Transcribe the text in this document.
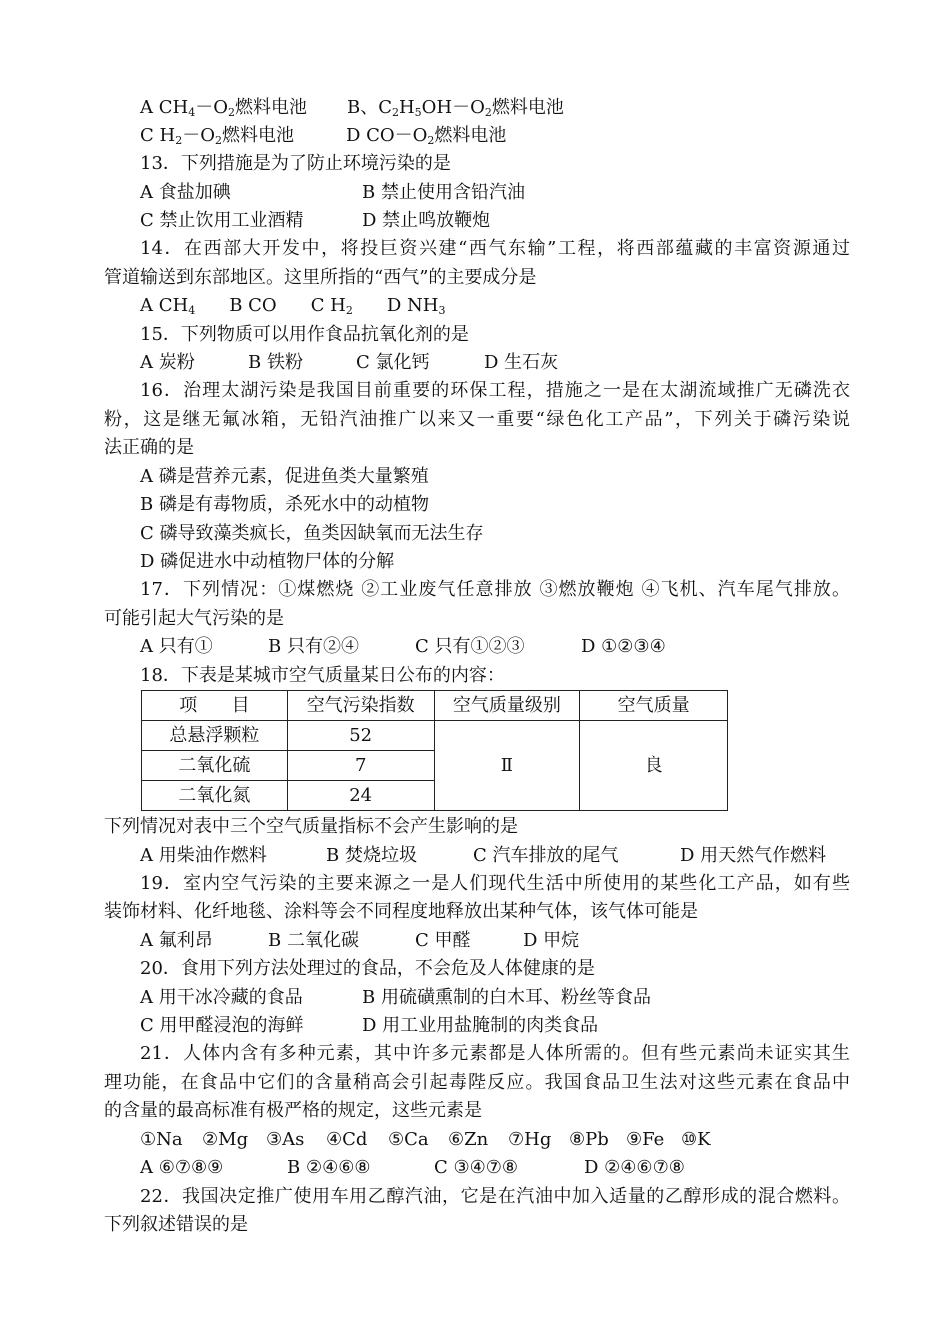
A $CH_4-O_2$燃料电池 B、$C_2H_5OH-O_2$燃料电池
C $H_2-O_2$燃料电池	D $CO-O_2$燃料电池
13．下列措施是为了防止环境污染的是
A 食盐加碘	B 禁止使用含铅汽油
C 禁止饮用工业酒精	D 禁止鸣放鞭炮
14．在西部大开发中，将投巨资兴建“西气东输”工程，将西部蕴藏的丰富资源通过
管道输送到东部地区。这里所指的“西气”的主要成分是
A $CH_4$ B CO C $H_2$ D $NH_3$
15．下列物质可以用作食品抗氧化剂的是
A 炭粉	B 铁粉	C 氯化钙	D 生石灰
16．治理太湖污染是我国目前重要的环保工程，措施之一是在太湖流域推广无磷洗衣
粉，这是继无氟冰箱，无铅汽油推广以来又一重要“绿色化工产品”，下列关于磷污染说
法正确的是
A 磷是营养元素，促进鱼类大量繁殖
B 磷是有毒物质，杀死水中的动植物
C 磷导致藻类疯长，鱼类因缺氧而无法生存
D 磷促进水中动植物尸体的分解
17．下列情况：①煤燃烧 ②工业废气任意排放 ③燃放鞭炮 ④飞机、汽车尾气排放。
可能引起大气污染的是
A 只有①	B 只有②④	C 只有①②③	D ①②③④
18．下表是某城市空气质量某日公布的内容：
项      目	空气污染指数	空气质量级别	空气质量
总悬浮颗粒	52	Ⅱ	良
二氧化硫	7		
二氧化氮	24		
下列情况对表中三个空气质量指标不会产生影响的是
A 用柴油作燃料	B 焚烧垃圾	C 汽车排放的尾气	D 用天然气作燃料
19．室内空气污染的主要来源之一是人们现代生活中所使用的某些化工产品，如有些
装饰材料、化纤地毯、涂料等会不同程度地释放出某种气体，该气体可能是
A 氟利昂	B 二氧化碳	C 甲醛	D 甲烷
20．食用下列方法处理过的食品，不会危及人体健康的是
A 用干冰冷藏的食品	B 用硫磺熏制的白木耳、粉丝等食品
C 用甲醛浸泡的海鲜	D 用工业用盐腌制的肉类食品
21．人体内含有多种元素，其中许多元素都是人体所需的。但有些元素尚未证实其生
理功能，在食品中它们的含量稍高会引起毒陛反应。我国食品卫生法对这些元素在食品中
的含量的最高标准有极严格的规定，这些元素是
①Na ②Mg ③As ④Cd ⑤Ca ⑥Zn ⑦Hg ⑧Pb ⑨Fe ⑩K
A ⑥⑦⑧⑨	B ②④⑥⑧	C ③④⑦⑧	D ②④⑥⑦⑧
22．我国决定推广使用车用乙醇汽油，它是在汽油中加入适量的乙醇形成的混合燃料。
下列叙述错误的是
